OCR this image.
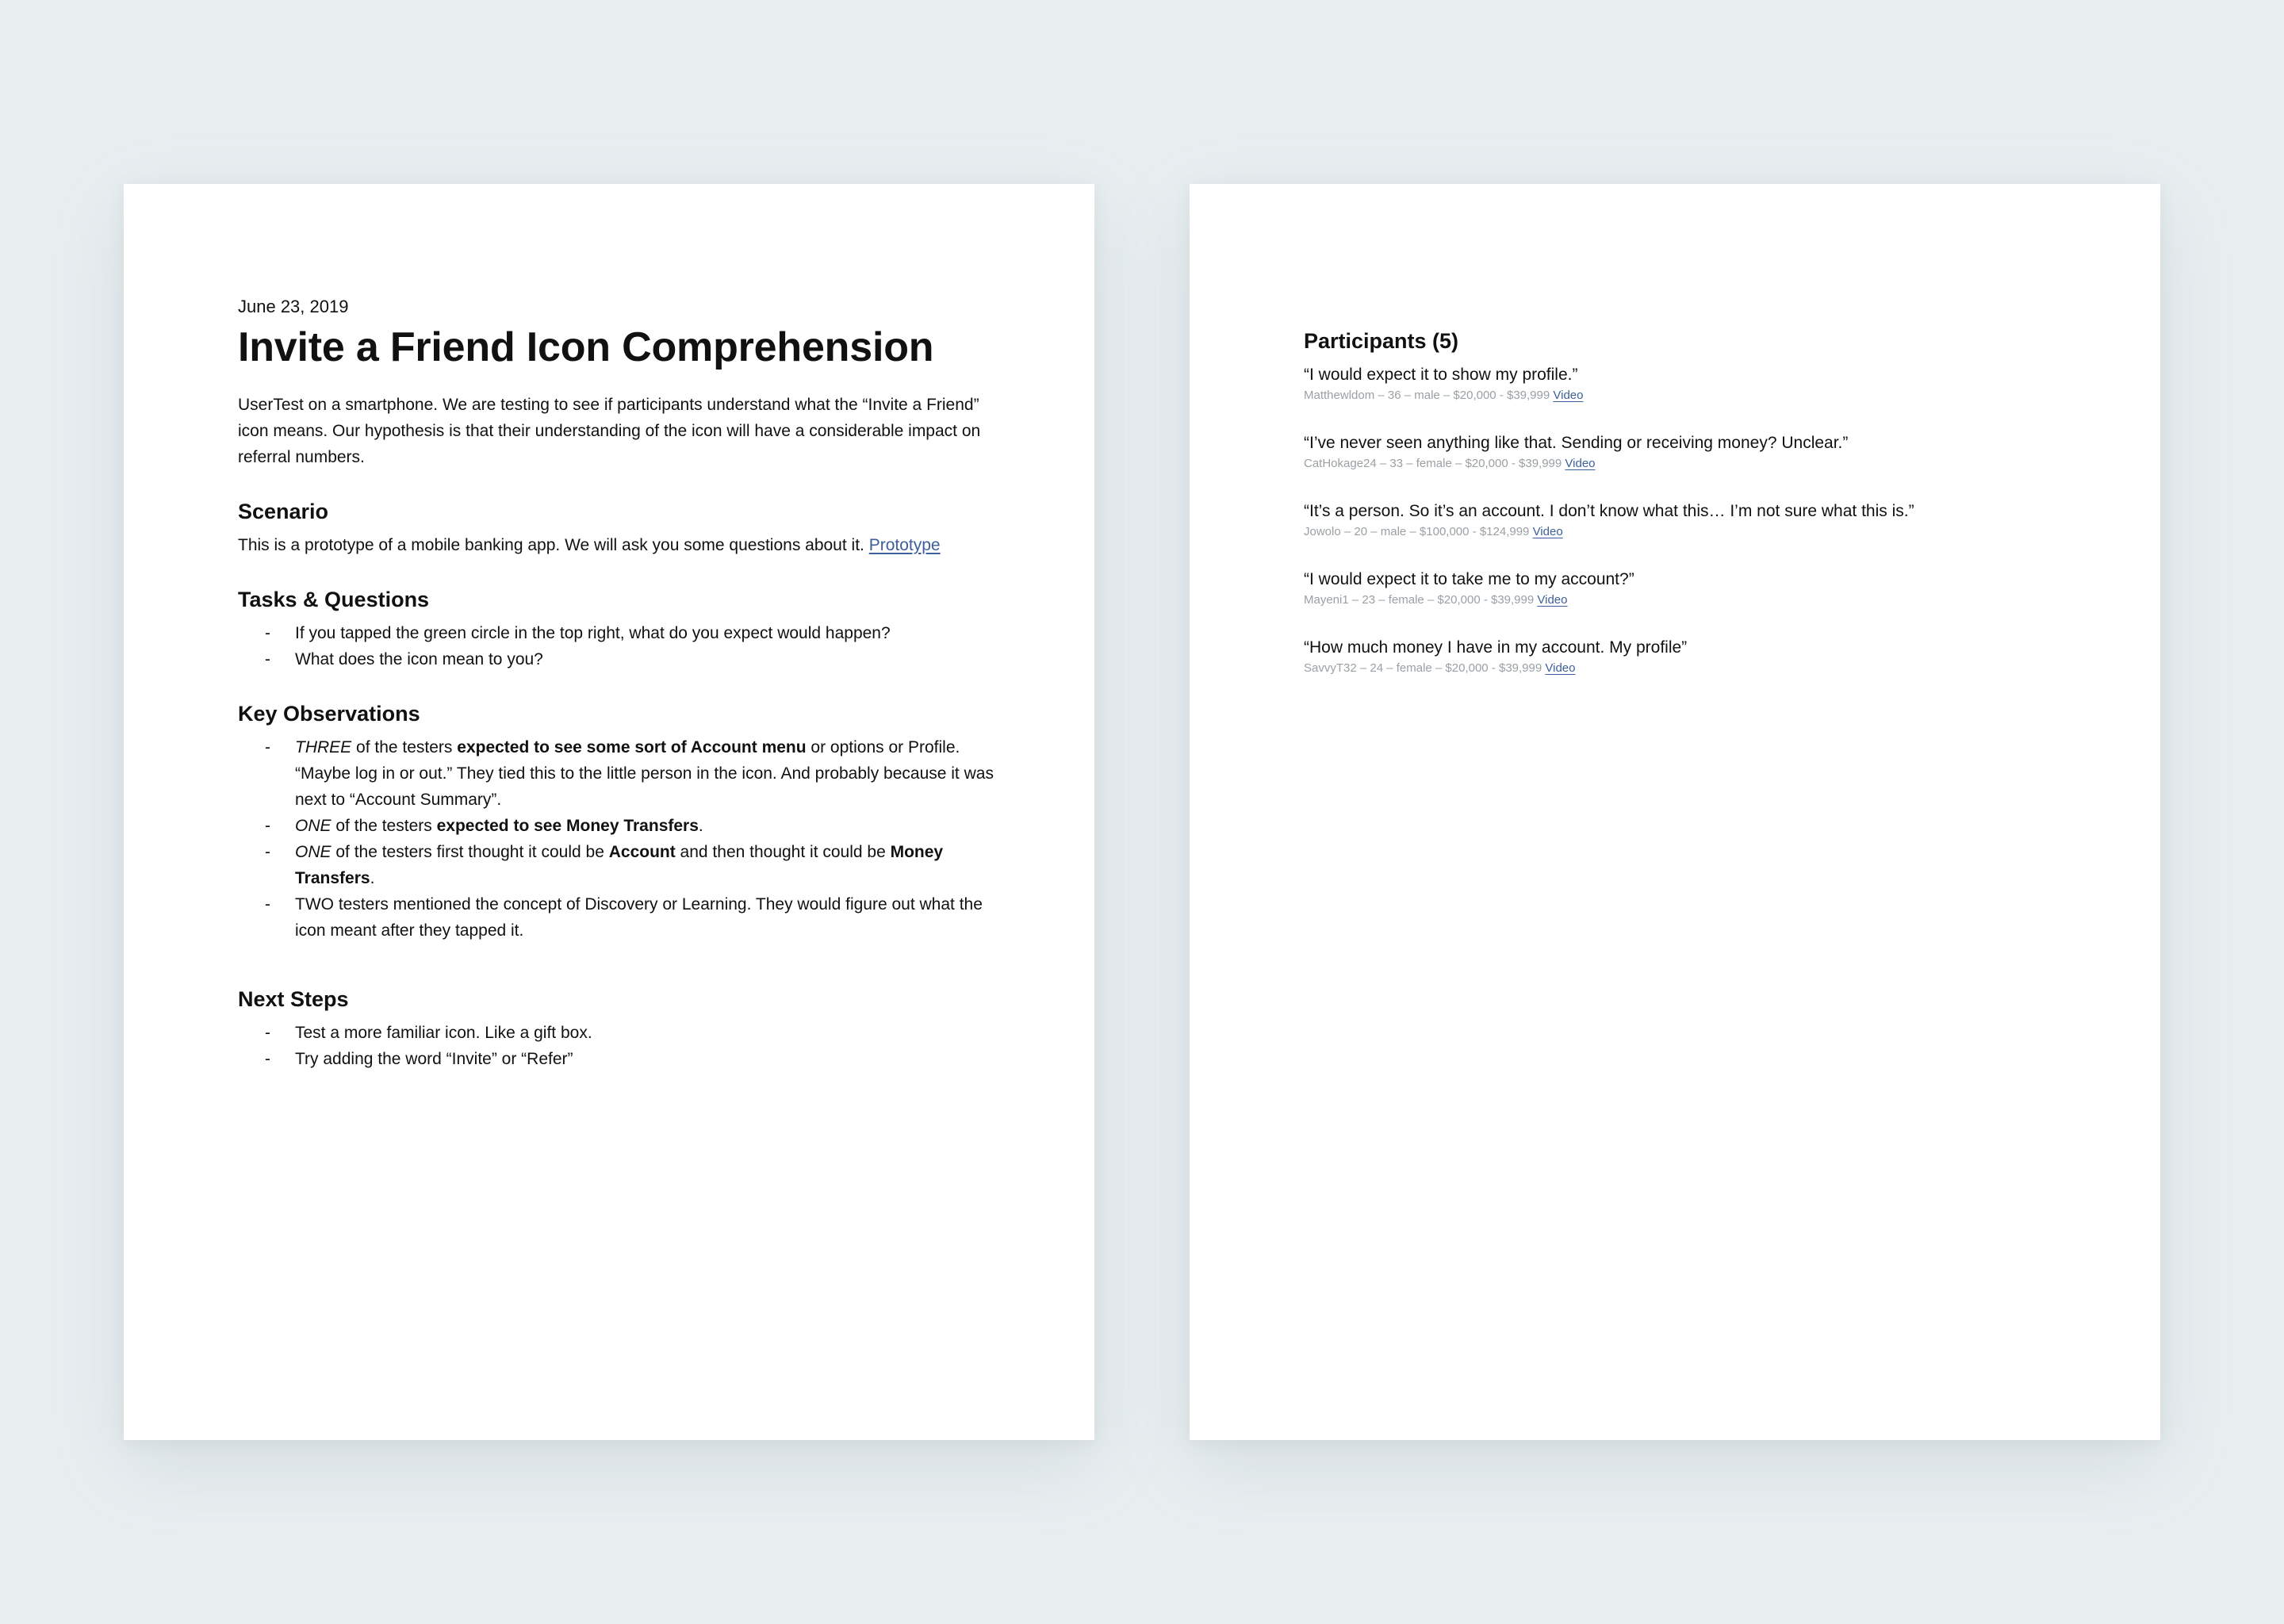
June 23, 2019
Invite a Friend Icon Comprehension

UserTest on a smartphone. We are testing to see if participants understand what the “Invite a Friend” icon means. Our hypothesis is that their understanding of the icon will have a considerable impact on referral numbers.

Scenario

This is a prototype of a mobile banking app. We will ask you some questions about it. Prototype

Tasks & Questions
- If you tapped the green circle in the top right, what do you expect would happen?
- What does the icon mean to you?
Key Observations
- THREE of the testers expected to see some sort of Account menu or options or Profile. “Maybe log in or out.” They tied this to the little person in the icon. And probably because it was next to “Account Summary”.
- ONE of the testers expected to see Money Transfers.
- ONE of the testers first thought it could be Account and then thought it could be Money Transfers.
- TWO testers mentioned the concept of Discovery or Learning. They would figure out what the icon meant after they tapped it.
Next Steps
- Test a more familiar icon. Like a gift box.
- Try adding the word “Invite” or “Refer”
Participants (5)
“I would expect it to show my profile.”
Matthewldom – 36 – male – $20,000 - $39,999 Video
“I’ve never seen anything like that. Sending or receiving money? Unclear.”
CatHokage24 – 33 – female – $20,000 - $39,999 Video
“It’s a person. So it’s an account. I don’t know what this… I’m not sure what this is.”
Jowolo – 20 – male – $100,000 - $124,999 Video
“I would expect it to take me to my account?”
Mayeni1 – 23 – female – $20,000 - $39,999 Video
“How much money I have in my account. My profile”
SavvyT32 – 24 – female – $20,000 - $39,999 Video
